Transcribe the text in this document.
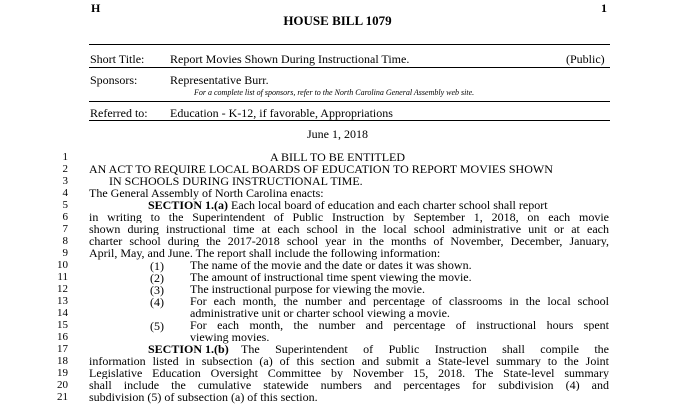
H
HOUSE BILL 1079
1
Short Title: Report Movies Shown During Instructional Time.	(Public)
Sponsors:	Representative Burr.
For a complete list of sponsors, refer to the North Carolina General Assembly web site.
Referred to: Education - K-12, if favorable, Appropriations
June 1, 2018
1
2
3
4
5
6
7
8
9
10
11
12
13
14
15
16
17
18
19
20
21
A BILL TO BE ENTITLED
AN ACT TO REQUIRE LOCAL BOARDS OF EDUCATION TO REPORT MOVIES SHOWN
IN SCHOOLS DURING INSTRUCTIONAL TIME.
The General Assembly of North Carolina enacts:
SECTION 1.(a) Each local board of education and each charter school shall report
in writing to the Superintendent of Public Instruction by September 1, 2018, on each movie
shown during instructional time at each school in the local school administrative unit or at each
charter school during the 2017-2018 school year in the months of November, December, January,
April, May, and June. The report shall include the following information:
(1) The name of the movie and the date or dates it was shown.
(2) The amount of instructional time spent viewing the movie.
(3) The instructional purpose for viewing the movie.
(4) For each month, the number and percentage of classrooms in the local school
administrative unit or charter school viewing a movie.
(5) For each month, the number and percentage of instructional hours spent
viewing movies.
SECTION 1.(b) The Superintendent of Public Instruction shall compile the
information listed in subsection (a) of this section and submit a State-level summary to the Joint
Legislative Education Oversight Committee by November 15, 2018. The State-level summary
shall include the cumulative statewide numbers and percentages for subdivision (4) and
subdivision (5) of subsection (a) of this section.
